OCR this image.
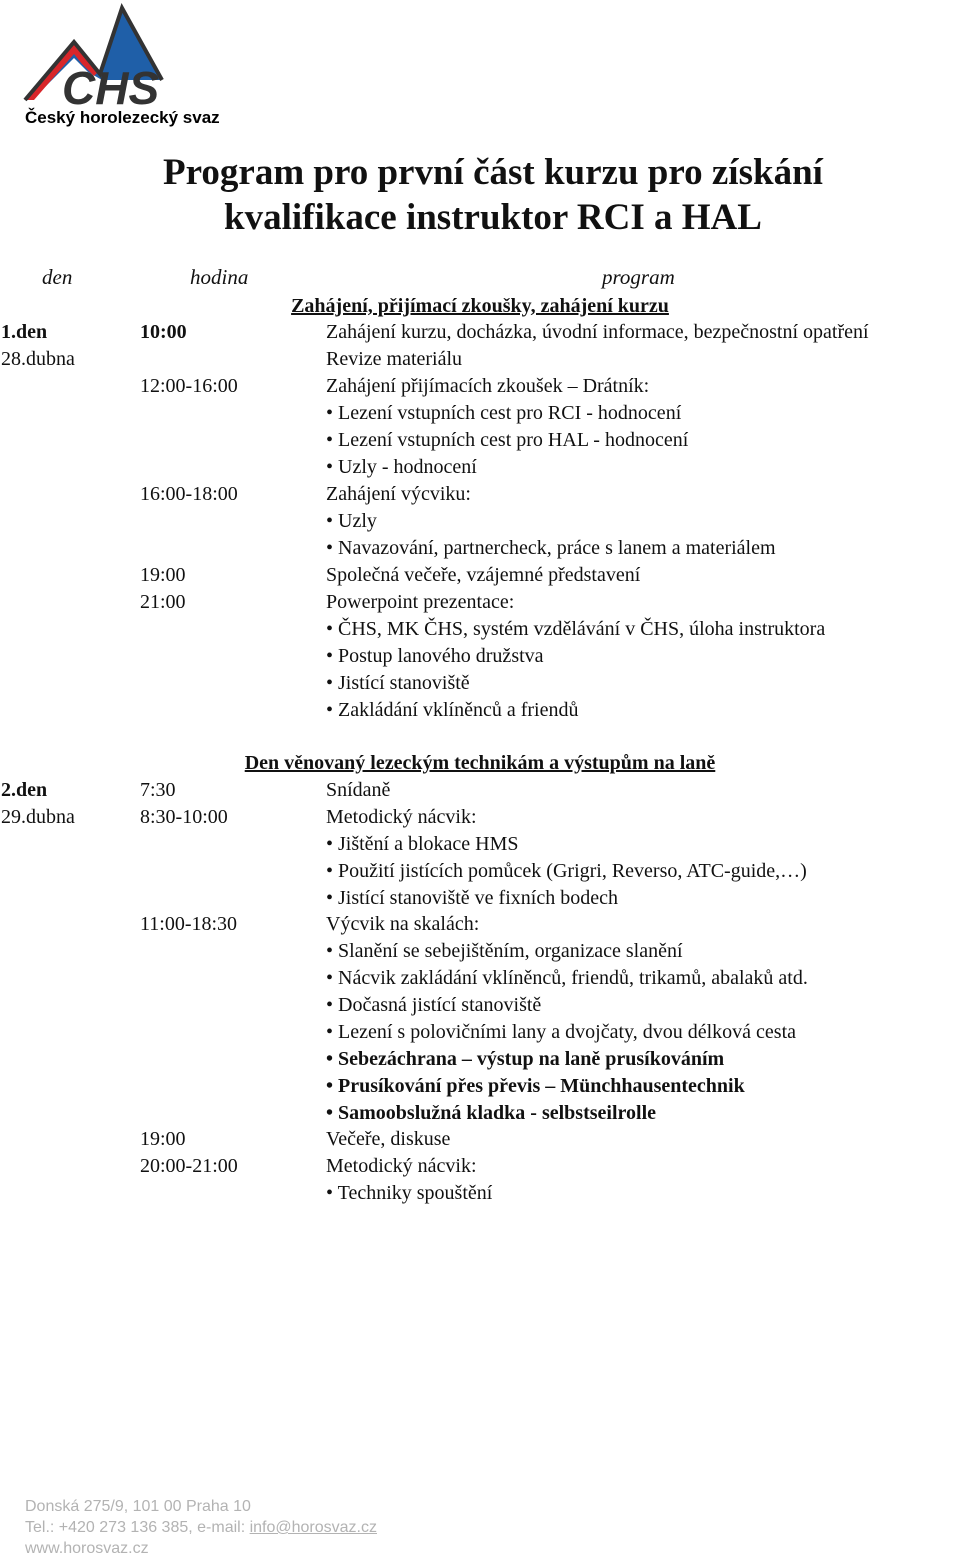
CHS
Český horolezecký svaz
Program pro první část kurzu pro získání
kvalifikace instruktor RCI a HAL
den	hodina	program
Zahájení, přijímací zkoušky, zahájení kurzu
1.den	10:00	Zahájení kurzu, docházka, úvodní informace, bezpečnostní opatření
28.dubna	Revize materiálu
12:00-16:00	Zahájení přijímacích zkoušek – Drátník:
• Lezení vstupních cest pro RCI - hodnocení
• Lezení vstupních cest pro HAL - hodnocení
• Uzly - hodnocení
16:00-18:00	Zahájení výcviku:
• Uzly
• Navazování, partnercheck, práce s lanem a materiálem
19:00	Společná večeře, vzájemné představení
21:00	Powerpoint prezentace:
• ČHS, MK ČHS, systém vzdělávání v ČHS, úloha instruktora
• Postup lanového družstva
• Jistící stanoviště
• Zakládání vklíněnců a friendů
Den věnovaný lezeckým technikám a výstupům na laně
2.den	7:30	Snídaně
29.dubna	8:30-10:00	Metodický nácvik:
• Jištění a blokace HMS
• Použití jistících pomůcek (Grigri, Reverso, ATC-guide,…)
• Jistící stanoviště ve fixních bodech
11:00-18:30	Výcvik na skalách:
• Slanění se sebejištěním, organizace slanění
• Nácvik zakládání vklíněnců, friendů, trikamů, abalaků atd.
• Dočasná jistící stanoviště
• Lezení s polovičními lany a dvojčaty, dvou délková cesta
• Sebezáchrana – výstup na laně prusíkováním
• Prusíkování přes převis – Münchhausentechnik
• Samoobslužná kladka - selbstseilrolle
19:00	Večeře, diskuse
20:00-21:00	Metodický nácvik:
• Techniky spouštění
Donská 275/9, 101 00 Praha 10
Tel.: +420 273 136 385, e-mail: info@horosvaz.cz
www.horosvaz.cz
